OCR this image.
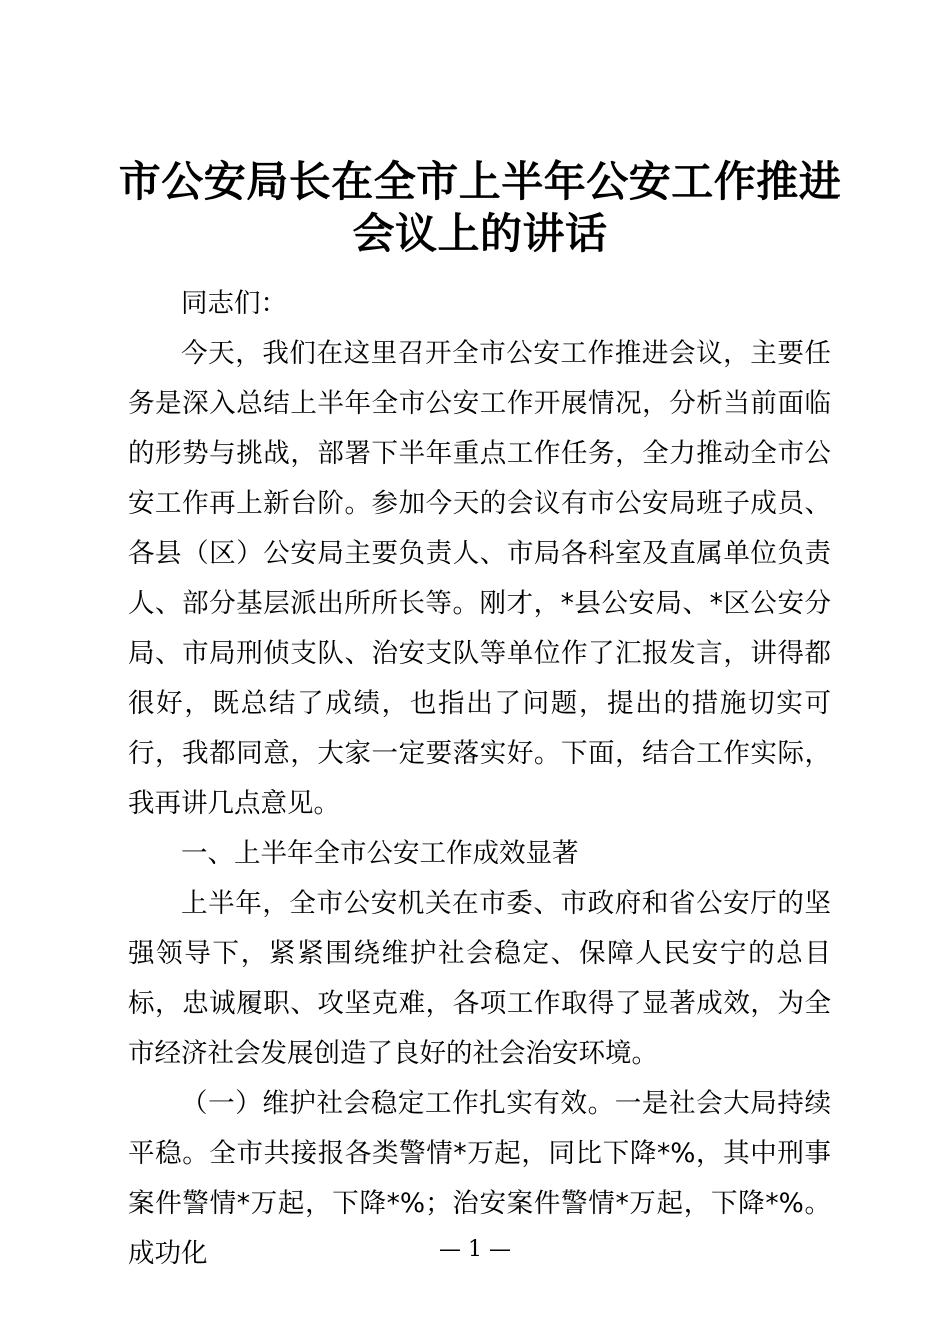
市公安局长在全市上半年公安工作推进
会议上的讲话

同志们：

今天，我们在这里召开全市公安工作推进会议，主要任务是深入总结上半年全市公安工作开展情况，分析当前面临的形势与挑战，部署下半年重点工作任务，全力推动全市公安工作再上新台阶。参加今天的会议有市公安局班子成员、各县（区）公安局主要负责人、市局各科室及直属单位负责人、部分基层派出所所长等。刚才，*县公安局、*区公安分局、市局刑侦支队、治安支队等单位作了汇报发言，讲得都很好，既总结了成绩，也指出了问题，提出的措施切实可行，我都同意，大家一定要落实好。下面，结合工作实际，我再讲几点意见。

一、上半年全市公安工作成效显著

上半年，全市公安机关在市委、市政府和省公安厅的坚强领导下，紧紧围绕维护社会稳定、保障人民安宁的总目标，忠诚履职、攻坚克难，各项工作取得了显著成效，为全市经济社会发展创造了良好的社会治安环境。

（一）维护社会稳定工作扎实有效。一是社会大局持续平稳。全市共接报各类警情*万起，同比下降*%，其中刑事案件警情*万起，下降*%；治安案件警情*万起，下降*%。成功化	— 1 —
